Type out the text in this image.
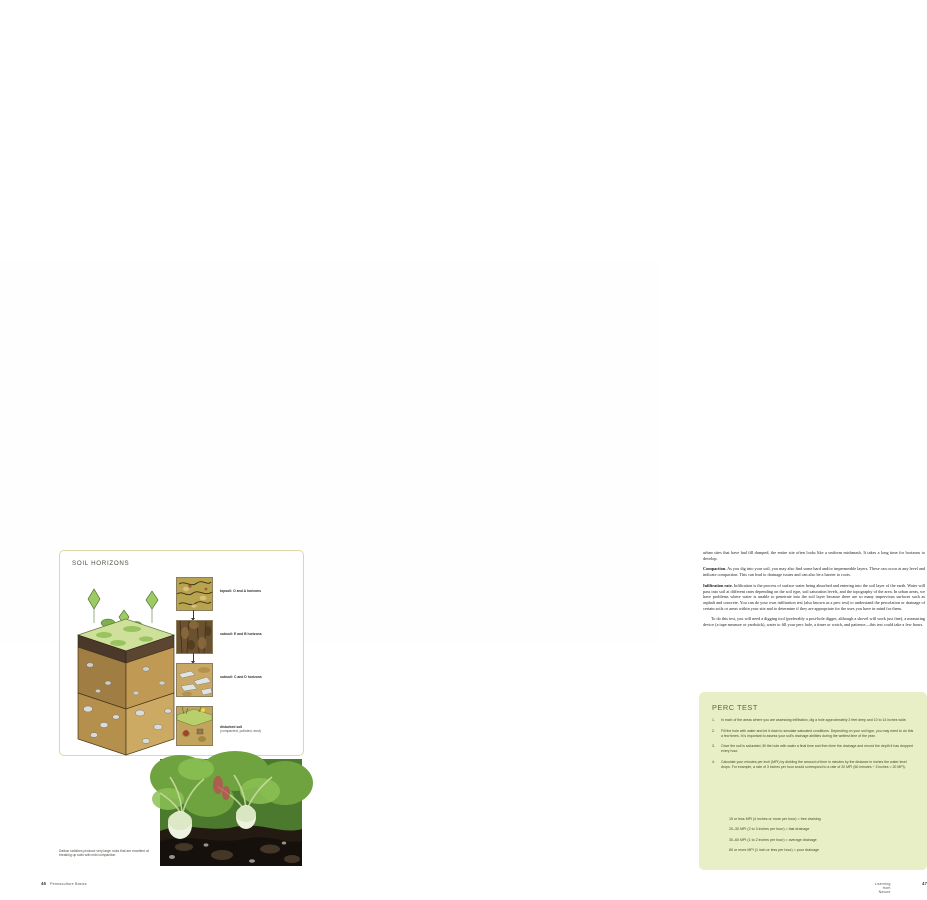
SOIL HORIZONS
topsoil: O and A horizons
subsoil: E and B horizons
subsoil: C and D horizons
disturbed soil
(compacted, polluted, dust)
Daikon radishes produce very large roots that are excellent at breaking up soils with mild compaction.
46 Permaculture Basics

urban sites that have had fill dumped, the entire site often looks like a uniform mishmash. It takes a long time for horizons to develop.

Compaction. As you dig into your soil, you may also find some hard and/or impermeable layers. These can occur at any level and indicate compaction. This can lead to drainage issues and can also be a barrier to roots.

Infiltration rate. Infiltration is the process of surface water being absorbed and entering into the soil layer of the earth. Water will pass into soil at different rates depending on the soil type, soil saturation levels, and the topography of the area. In urban areas, we have problems where water is unable to penetrate into the soil layer because there are so many impervious surfaces such as asphalt and concrete. You can do your own infiltration test (also known as a perc test) to understand the percolation or drainage of certain soils or areas within your site and to determine if they are appropriate for the uses you have in mind for them.

To do this test, you will need a digging tool (preferably a post-hole digger, although a shovel will work just fine), a measuring device (a tape measure or yardstick), water to fill your perc hole, a timer or watch, and patience—this test could take a few hours.

PERC TEST
1. In each of the areas where you are assessing infiltration, dig a hole approximately 2 feet deep and 10 to 14 inches wide.
2. Fill the hole with water and let it drain to simulate saturated conditions. Depending on your soil type, you may need to do this a few times. It is important to assess your soil's drainage abilities during the wettest time of the year.
3. Once the soil is saturated, fill the hole with water a final time and then time the drainage and record the depth it has dropped every hour.
4. Calculate your minutes per inch (MPI) by dividing the amount of time in minutes by the distance in inches the water level drops. For example, a rate of 3 inches per hour would correspond to a rate of 20 MPI (60 minutes ÷ 3 inches = 20 MPI).
15 or less MPI (4 inches or more per hour) = free draining
20–30 MPI (2 to 3 inches per hour) = fast drainage
30–60 MPI (1 to 2 inches per hour) = average drainage
60 or more MPI (1 inch or less per hour) = poor drainage
47
Learning from Nature
